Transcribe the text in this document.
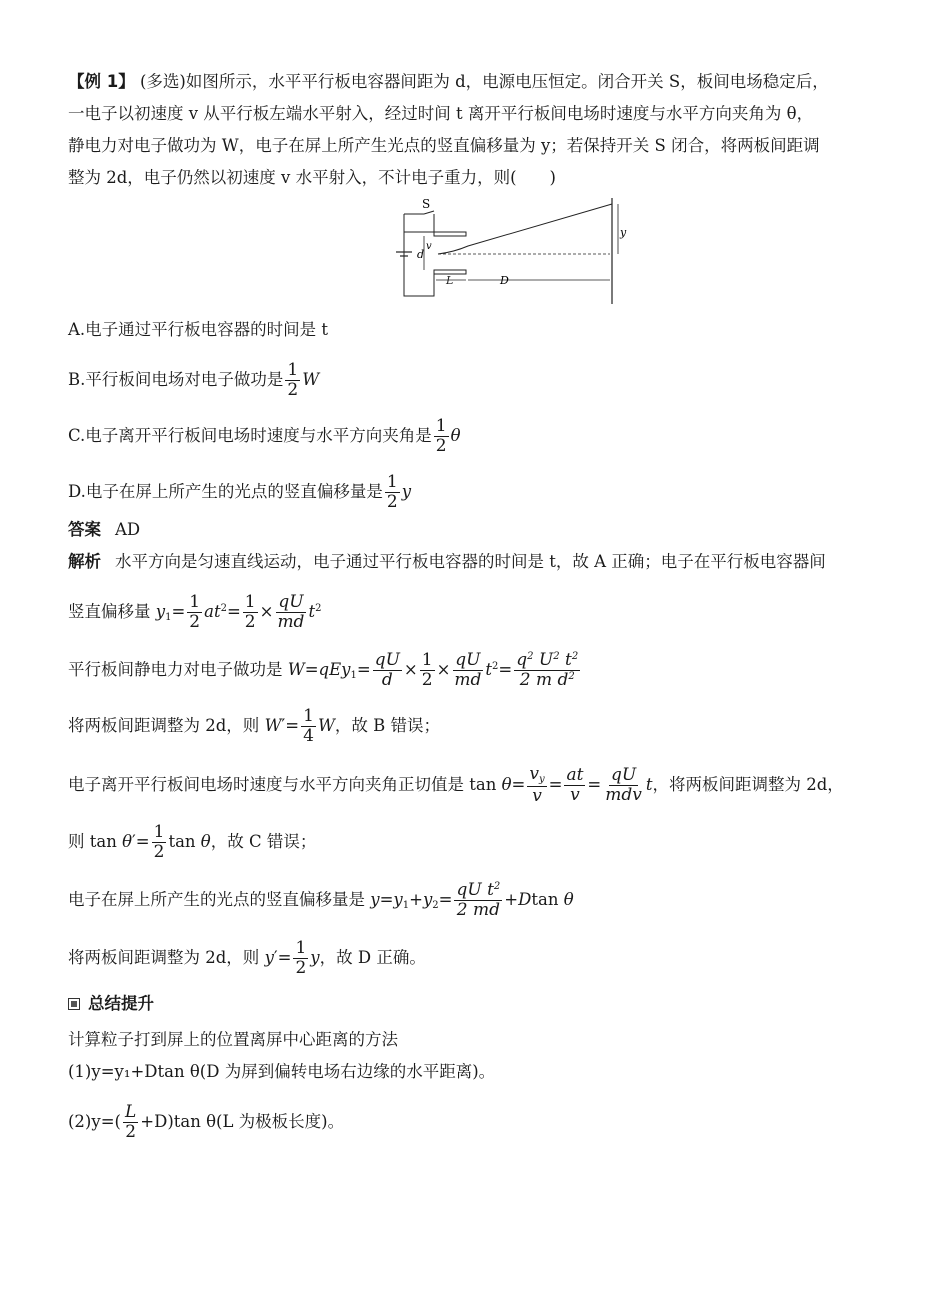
【例 1】 (多选)如图所示，水平平行板电容器间距为 d，电源电压恒定。闭合开关 S，板间电场稳定后，
一电子以初速度 v 从平行板左端水平射入，经过时间 t 离开平行板间电场时速度与水平方向夹角为 θ，
静电力对电子做功为 W，电子在屏上所产生光点的竖直偏移量为 y；若保持开关 S 闭合，将两板间距调
整为 2d，电子仍然以初速度 v 水平射入，不计电子重力，则(　　)
S
d
v
y
L	D
A.电子通过平行板电容器的时间是 t
B.平行板间电场对电子做功是 $\frac{1}{2}$ W
C.电子离开平行板间电场时速度与水平方向夹角是 $\frac{1}{2}$ θ
D.电子在屏上所产生的光点的竖直偏移量是 $\frac{1}{2}$ y
答案 AD
解析 水平方向是匀速直线运动，电子通过平行板电容器的时间是 t，故 A 正确；电子在平行板电容器间
竖直偏移量 $y_1= \frac{1}{2} at^2= \frac{1}{2} \times \frac{qU}{md} t^2$
平行板间静电力对电子做功是 $W=qEy_1= \frac{qU}{d} \times \frac{1}{2} \times \frac{qU}{md} t^2= \frac{q^2 U^2 t^2}{2 m d^2}$
将两板间距调整为 2d，则 $W'= \frac{1}{4}$ W，故 B 错误；
电子离开平行板间电场时速度与水平方向夹角正切值是 $\tan \theta= \frac{v_y}{v} = \frac{at}{v} = \frac{qU}{\text{mdv}}$ t，将两板间距调整为 2d，
则 $\tan \theta'= \frac{1}{2}$ tan θ，故 C 错误；
电子在屏上所产生的光点的竖直偏移量是 $y=y_1+y_2= \frac{qU t^2}{2 md} +Dtan$ θ
将两板间距调整为 2d，则 $y'= \frac{1}{2}$ y，故 D 正确。
总结提升
计算粒子打到屏上的位置离屏中心距离的方法
(1)y=y₁+Dtan θ(D 为屏到偏转电场右边缘的水平距离)。
$(2)y=( \frac{L}{2} +D)\tan$ θ(L 为极板长度)。
